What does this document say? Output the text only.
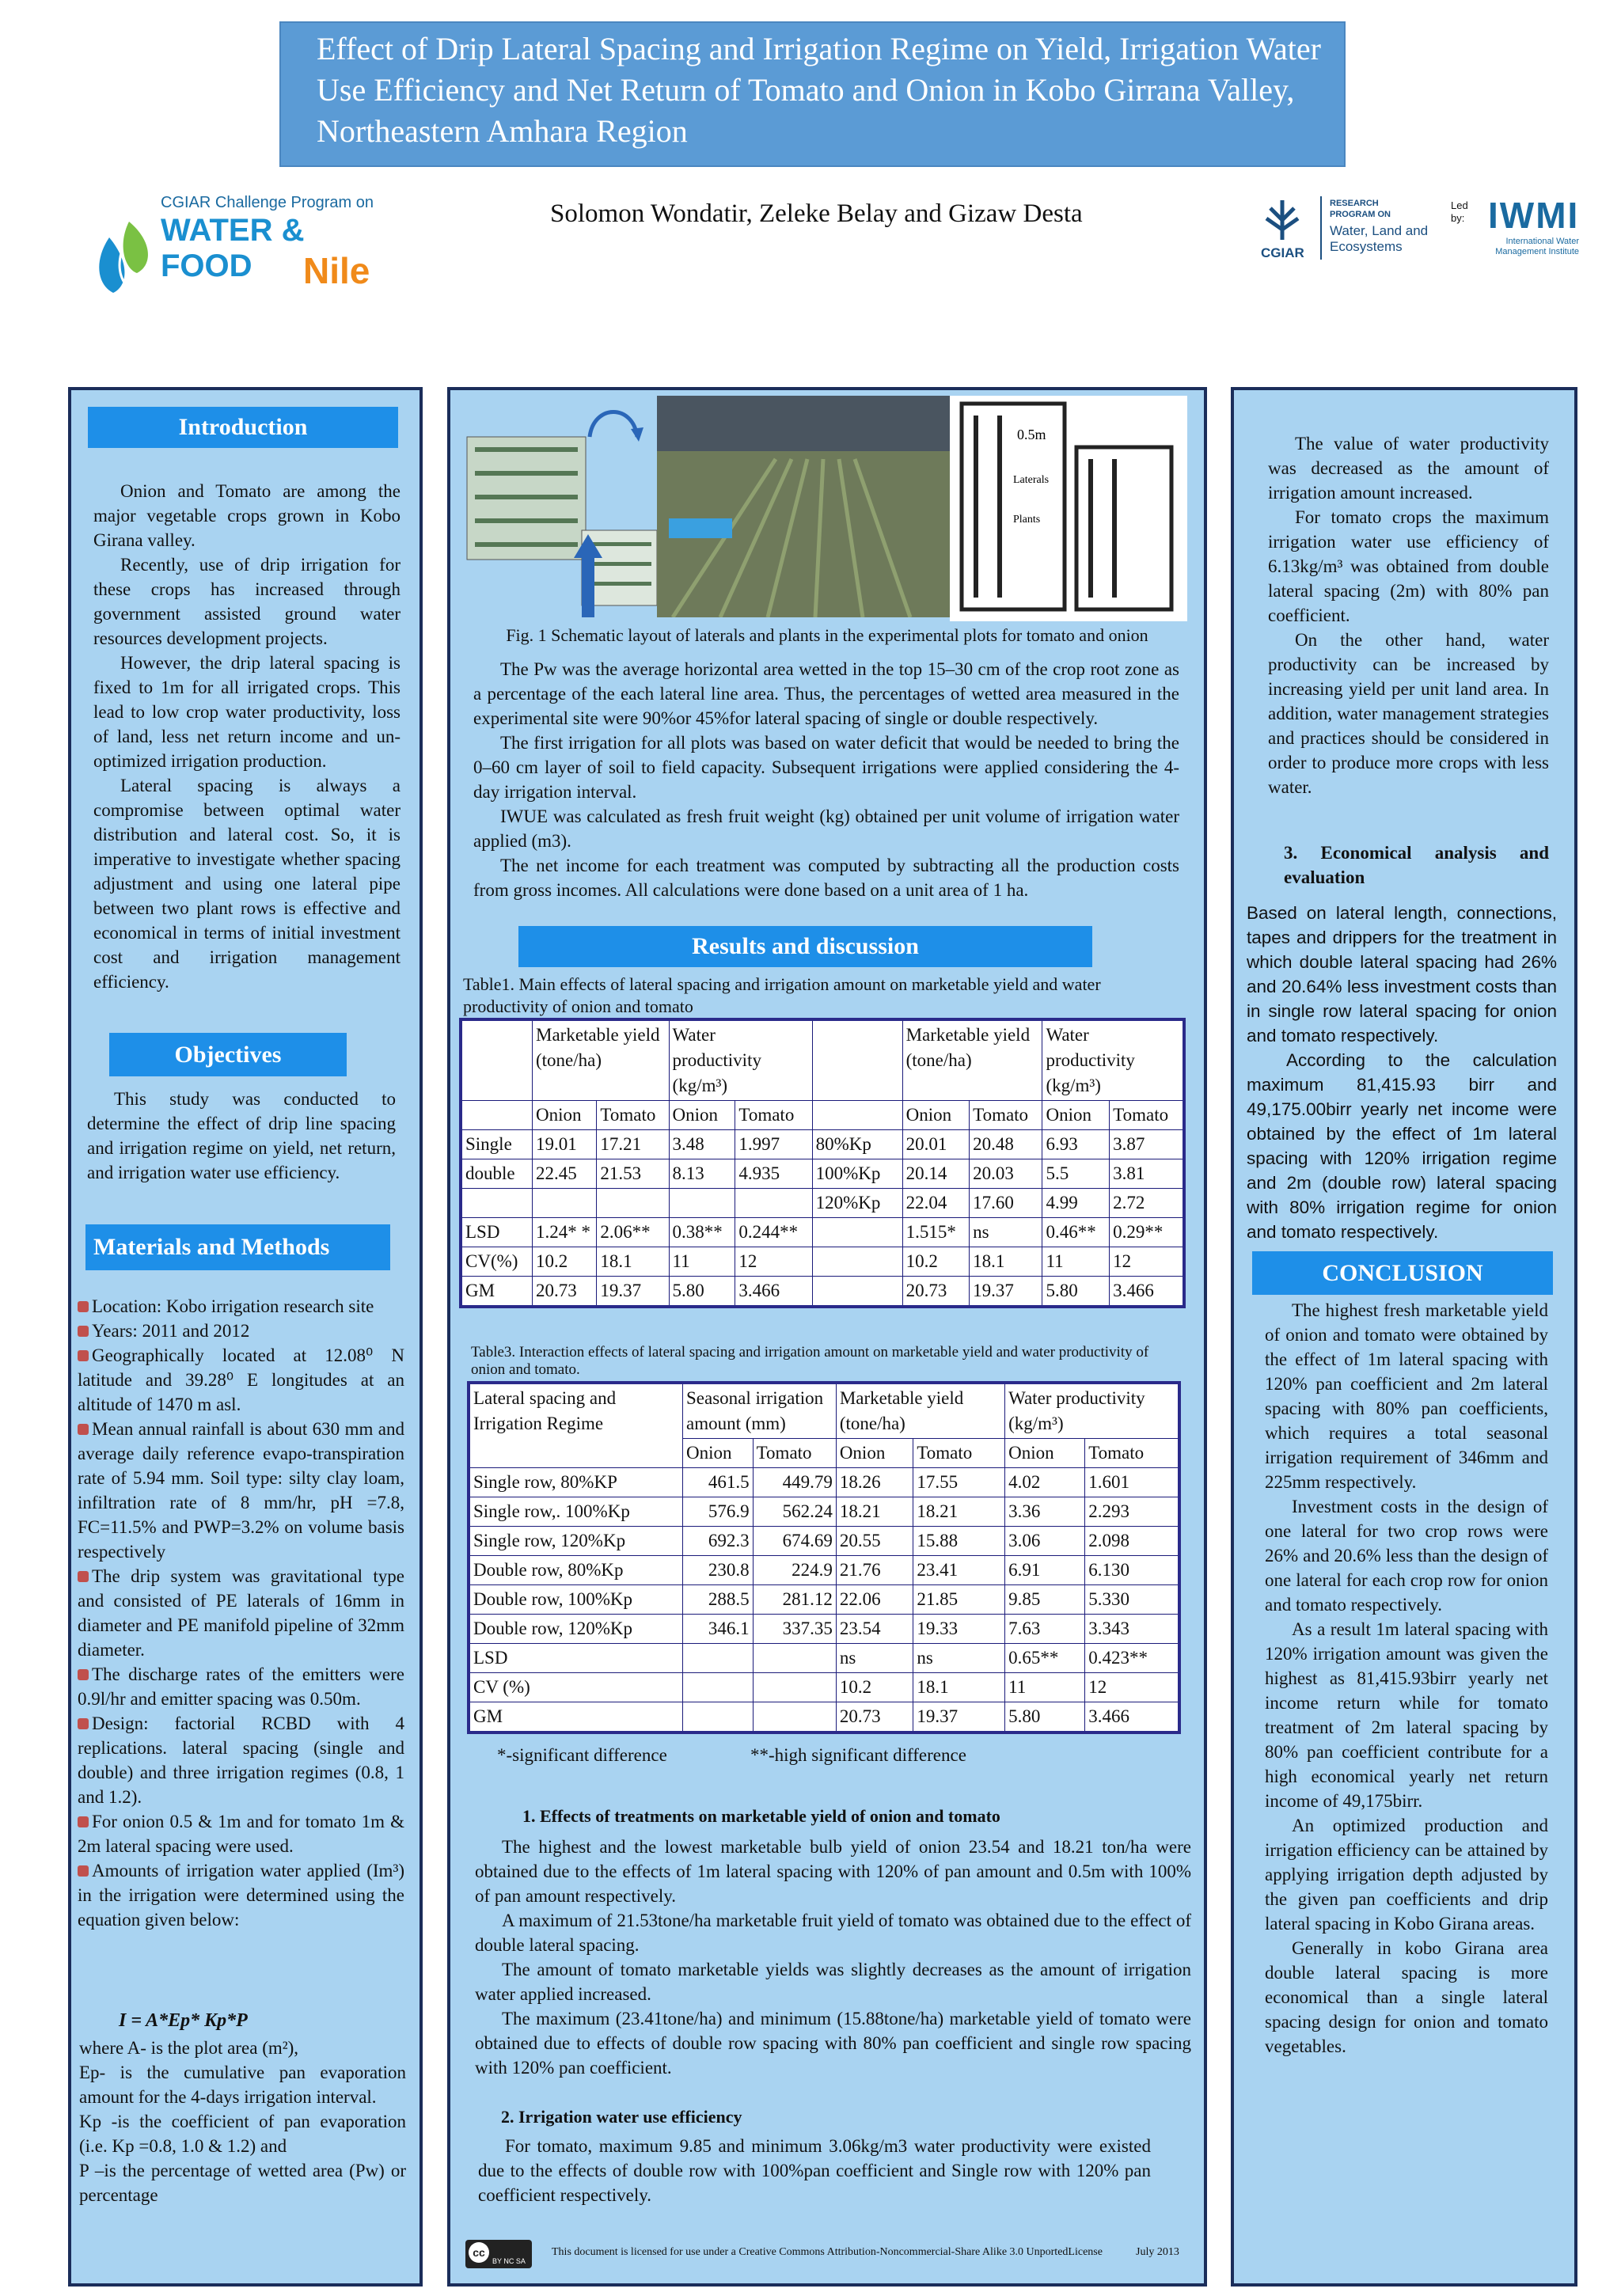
Effect of Drip Lateral Spacing and Irrigation Regime on Yield, Irrigation Water Use Efficiency and Net Return of Tomato and Onion in Kobo Girrana Valley, Northeastern Amhara Region
CGIAR Challenge Program on
WATER & FOOD	Nile
Solomon Wondatir, Zeleke Belay and Gizaw Desta
CGIAR
RESEARCH PROGRAM ON
Water, Land and Ecosystems
Led by: IWMI
International Water Management Institute
Introduction

Onion and Tomato are among the major vegetable crops grown in Kobo Girana valley.

Recently, use of drip irrigation for these crops has increased through government assisted ground water resources development projects.

However, the drip lateral spacing is fixed to 1m for all irrigated crops. This lead to low crop water productivity, loss of land, less net return income and un-optimized irrigation production.

Lateral spacing is always a compromise between optimal water distribution and lateral cost. So, it is imperative to investigate whether spacing adjustment and using one lateral pipe between two plant rows is effective and economical in terms of initial investment cost and irrigation management efficiency.

Objectives

This study was conducted to determine the effect of drip line spacing and irrigation regime on yield, net return, and irrigation water use efficiency.

Materials and Methods

Location: Kobo irrigation research site

Years: 2011 and 2012

Geographically located at 12.08⁰ N latitude and 39.28⁰ E longitudes at an altitude of 1470 m asl.

Mean annual rainfall is about 630 mm and average daily reference evapo-transpiration rate of 5.94 mm. Soil type: silty clay loam, infiltration rate of 8 mm/hr, pH =7.8, FC=11.5% and PWP=3.2% on volume basis respectively

The drip system was gravitational type and consisted of PE laterals of 16mm in diameter and PE manifold pipeline of 32mm diameter.

The discharge rates of the emitters were 0.9l/hr and emitter spacing was 0.50m.

Design: factorial RCBD with 4 replications. lateral spacing (single and double) and three irrigation regimes (0.8, 1 and 1.2).

For onion 0.5 & 1m and for tomato 1m & 2m lateral spacing were used.

Amounts of irrigation water applied (Im³) in the irrigation were determined using the equation given below:

I = A*Ep* Kp*P
where A- is the plot area (m²),
Ep- is the cumulative pan evaporation amount for the 4-days irrigation interval.
Kp -is the coefficient of pan evaporation (i.e. Kp =0.8, 1.0 & 1.2) and
P –is the percentage of wetted area (Pw) or percentage
0.5m
Laterals
Plants
Fig. 1 Schematic layout of laterals and plants in the experimental plots for tomato and onion

The Pw was the average horizontal area wetted in the top 15–30 cm of the crop root zone as a percentage of the each lateral line area. Thus, the percentages of wetted area measured in the experimental site were 90%or 45%for lateral spacing of single or double respectively.

The first irrigation for all plots was based on water deficit that would be needed to bring the 0–60 cm layer of soil to field capacity. Subsequent irrigations were applied considering the 4-day irrigation interval.

IWUE was calculated as fresh fruit weight (kg) obtained per unit volume of irrigation water applied (m3).

The net income for each treatment was computed by subtracting all the production costs from gross incomes. All calculations were done based on a unit area of 1 ha.

Results and discussion
Table1. Main effects of lateral spacing and irrigation amount on marketable yield and water productivity of onion and tomato
	Marketable yield (tone/ha)		Water productivity (kg/m³)			Marketable yield (tone/ha)		Water productivity (kg/m³)	
	Onion	Tomato	Onion	Tomato		Onion	Tomato	Onion	Tomato
Single	19.01	17.21	3.48	1.997	80%Kp	20.01	20.48	6.93	3.87
double	22.45	21.53	8.13	4.935	100%Kp	20.14	20.03	5.5	3.81
					120%Kp	22.04	17.60	4.99	2.72
LSD	1.24* *	2.06**	0.38**	0.244**		1.515*	ns	0.46**	0.29**
CV(%)	10.2	18.1	11	12		10.2	18.1	11	12
GM	20.73	19.37	5.80	3.466		20.73	19.37	5.80	3.466
Table3. Interaction effects of lateral spacing and irrigation amount on marketable yield and water productivity of onion and tomato.
Lateral spacing and Irrigation Regime	Seasonal irrigation amount (mm)		Marketable yield (tone/ha)		Water productivity (kg/m³)	
	Onion	Tomato	Onion	Tomato	Onion	Tomato
Single row, 80%KP	461.5	449.79	18.26	17.55	4.02	1.601
Single row,. 100%Kp	576.9	562.24	18.21	18.21	3.36	2.293
Single row, 120%Kp	692.3	674.69	20.55	15.88	3.06	2.098
Double row, 80%Kp	230.8	224.9	21.76	23.41	6.91	6.130
Double row, 100%Kp	288.5	281.12	22.06	21.85	9.85	5.330
Double row, 120%Kp	346.1	337.35	23.54	19.33	7.63	3.343
LSD			ns	ns	0.65**	0.423**
CV (%)			10.2	18.1	11	12
GM			20.73	19.37	5.80	3.466
*-significant difference	**-high significant difference
1. Effects of treatments on marketable yield of onion and tomato

The highest and the lowest marketable bulb yield of onion 23.54 and 18.21 ton/ha were obtained due to the effects of 1m lateral spacing with 120% of pan amount and 0.5m with 100% of pan amount respectively.

A maximum of 21.53tone/ha marketable fruit yield of tomato was obtained due to the effect of double lateral spacing.

The amount of tomato marketable yields was slightly decreases as the amount of irrigation water applied increased.

The maximum (23.41tone/ha) and minimum (15.88tone/ha) marketable yield of tomato were obtained due to effects of double row spacing with 80% pan coefficient and single row spacing with 120% pan coefficient.

2. Irrigation water use efficiency

For tomato, maximum 9.85 and minimum 3.06kg/m3 water productivity were existed due to the effects of double row with 100%pan coefficient and Single row with 120% pan coefficient respectively.

cc
BY NC SA
This document is licensed for use under a Creative Commons Attribution-Noncommercial-Share Alike 3.0 UnportedLicense	July 2013

The value of water productivity was decreased as the amount of irrigation amount increased.

For tomato crops the maximum irrigation water use efficiency of 6.13kg/m³ was obtained from double lateral spacing (2m) with 80% pan coefficient.

On the other hand, water productivity can be increased by increasing yield per unit land area. In addition, water management strategies and practices should be considered in order to produce more crops with less water.

3. Economical analysis and evaluation
Based on lateral length, connections, tapes and drippers for the treatment in which double lateral spacing had 26% and 20.64% less investment costs than in single row lateral spacing for onion and tomato respectively.
According to the calculation maximum 81,415.93 birr and 49,175.00birr yearly net income were obtained by the effect of 1m lateral spacing with 120% irrigation regime and 2m (double row) lateral spacing with 80% irrigation regime for onion and tomato respectively.
CONCLUSION

The highest fresh marketable yield of onion and tomato were obtained by the effect of 1m lateral spacing with 120% pan coefficient and 2m lateral spacing with 80% pan coefficients, which requires a total seasonal irrigation requirement of 346mm and 225mm respectively.

Investment costs in the design of one lateral for two crop rows were 26% and 20.6% less than the design of one lateral for each crop row for onion and tomato respectively.

As a result 1m lateral spacing with 120% irrigation amount was given the highest as 81,415.93birr yearly net income return while for tomato treatment of 2m lateral spacing by 80% pan coefficient contribute for a high economical yearly net return income of 49,175birr.

An optimized production and irrigation efficiency can be attained by applying irrigation depth adjusted by the given pan coefficients and drip lateral spacing in Kobo Girana areas.

Generally in kobo Girana area double lateral spacing is more economical than a single lateral spacing design for onion and tomato vegetables.
